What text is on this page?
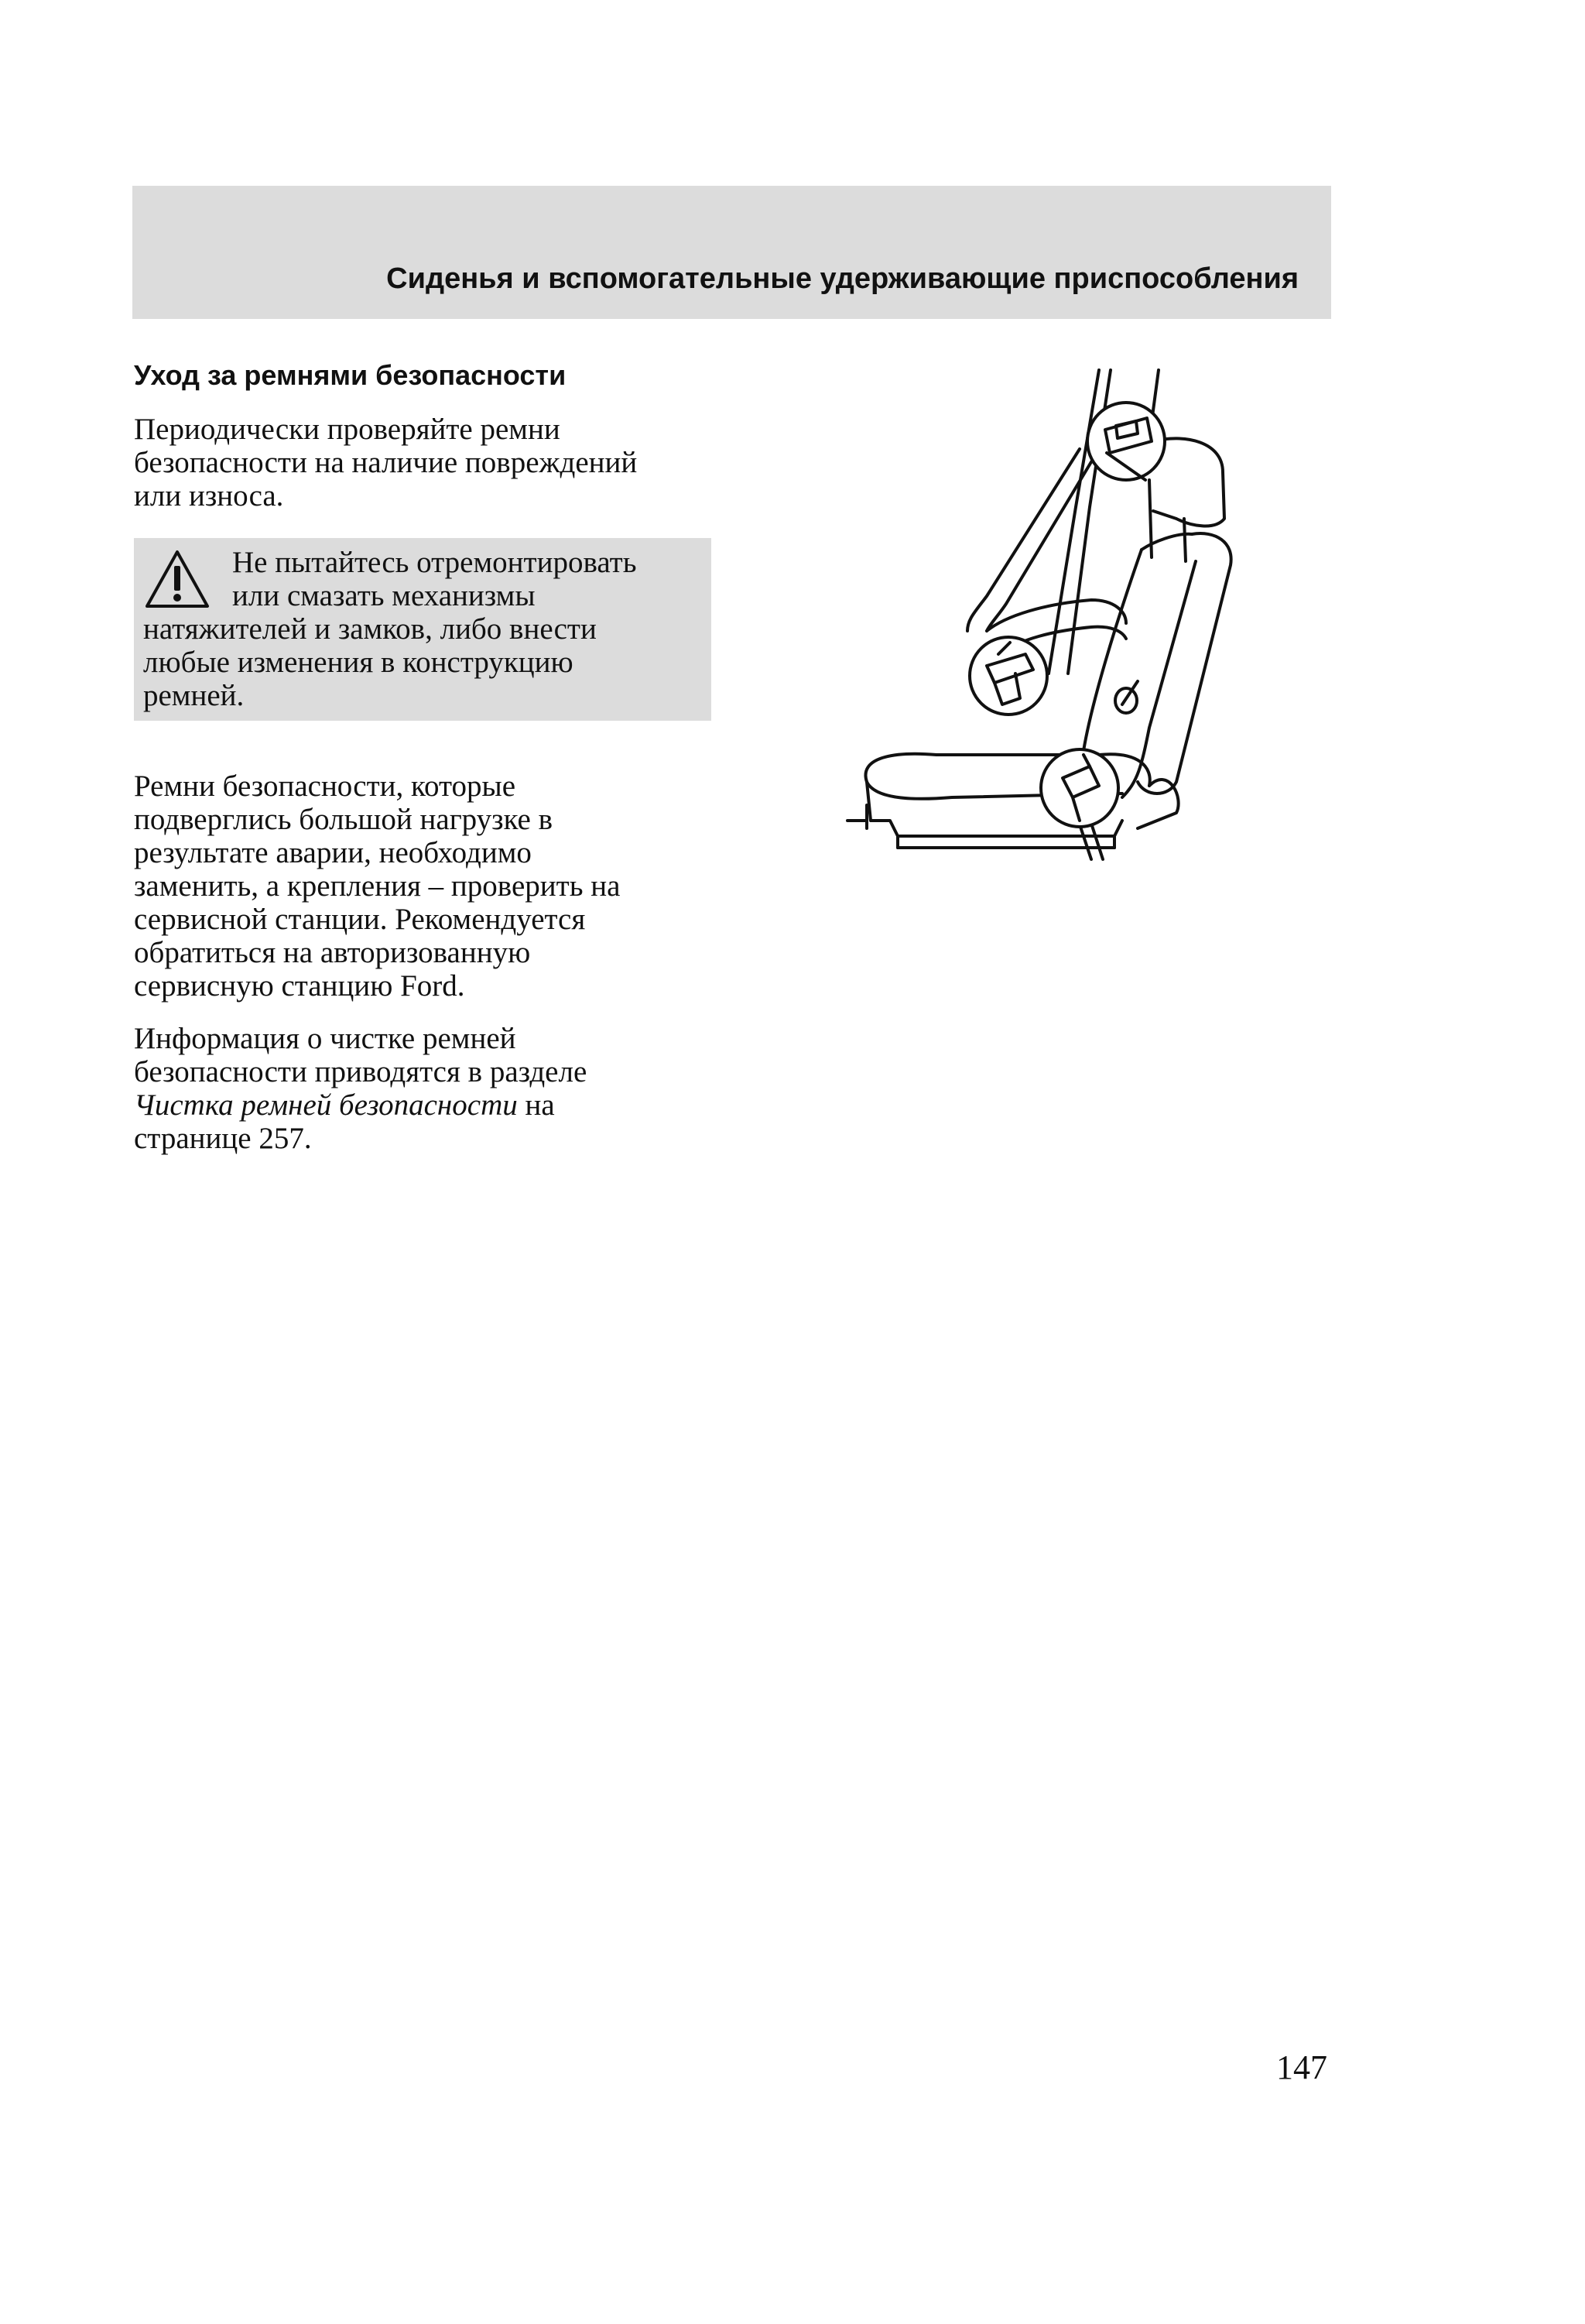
Сиденья и вспомогательные удерживающие приспособления
Уход за ремнями безопасности

Периодически проверяйте ремни
безопасности на наличие повреждений
или износа.

Не пытайтесь отремонтировать
или смазать механизмы
натяжителей и замков, либо внести
любые изменения в конструкцию
ремней.

Ремни безопасности, которые
подверглись большой нагрузке в
результате аварии, необходимо
заменить, а крепления – проверить на
сервисной станции. Рекомендуется
обратиться на авторизованную
сервисную станцию Ford.

Информация о чистке ремней
безопасности приводятся в разделе
Чистка ремней безопасности на
странице 257.

147
